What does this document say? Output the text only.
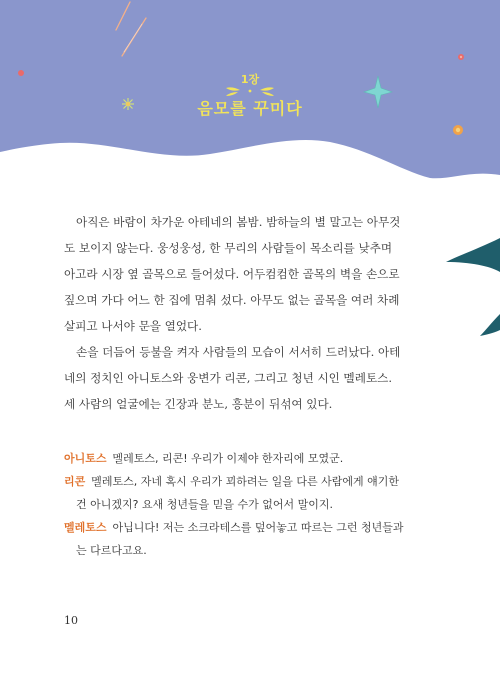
1장
음모를 꾸미다

아직은 바람이 차가운 아테네의 봄밤. 밤하늘의 별 말고는 아무것
도 보이지 않는다. 웅성웅성, 한 무리의 사람들이 목소리를 낮추며
아고라 시장 옆 골목으로 들어섰다. 어두컴컴한 골목의 벽을 손으로
짚으며 가다 어느 한 집에 멈춰 섰다. 아무도 없는 골목을 여러 차례
살피고 나서야 문을 열었다.

손을 더듬어 등불을 켜자 사람들의 모습이 서서히 드러났다. 아테
네의 정치인 아니토스와 웅변가 리콘, 그리고 청년 시인 멜레토스.
세 사람의 얼굴에는 긴장과 분노, 흥분이 뒤섞여 있다.

아니토스 멜레토스, 리콘! 우리가 이제야 한자리에 모였군.

리콘 멜레토스, 자네 혹시 우리가 꾀하려는 일을 다른 사람에게 얘기한

건 아니겠지? 요새 청년들을 믿을 수가 없어서 말이지.

멜레토스 아닙니다! 저는 소크라테스를 덮어놓고 따르는 그런 청년들과

는 다르다고요.

10
